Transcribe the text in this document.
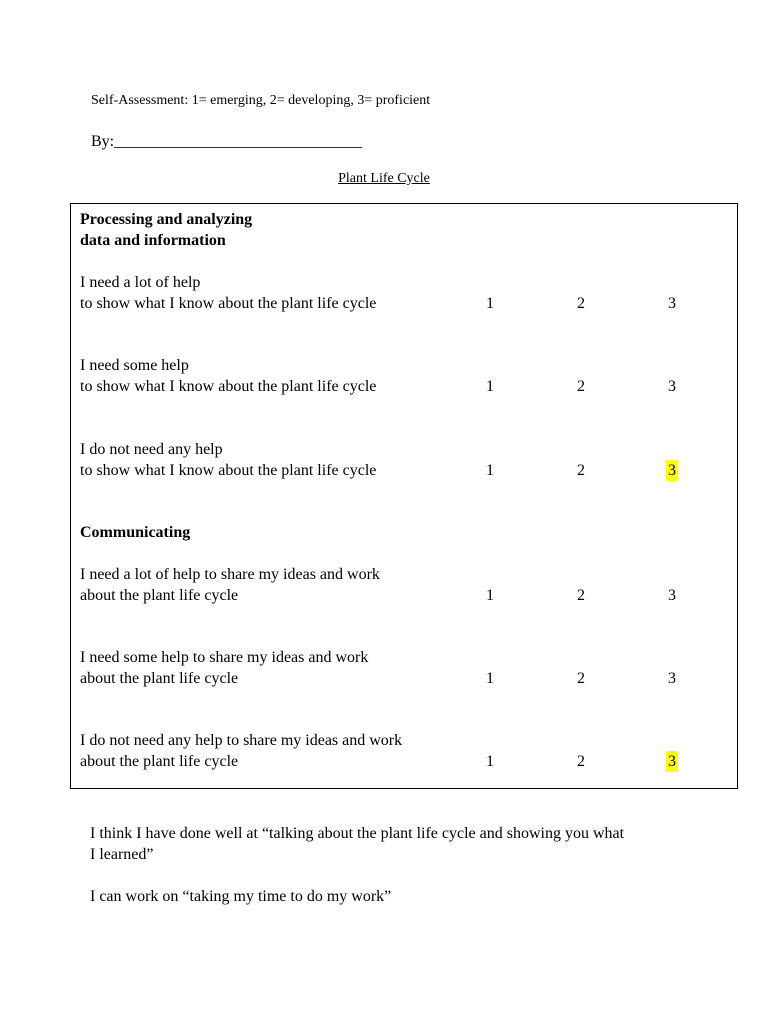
Self-Assessment: 1= emerging, 2= developing, 3= proficient
By:_______________________________
Plant Life Cycle
Processing and analyzing
data and information
I need a lot of help
to show what I know about the plant life cycle	1	2	3
I need some help
to show what I know about the plant life cycle	1	2	3
I do not need any help
to show what I know about the plant life cycle	1	2	3
Communicating
I need a lot of help to share my ideas and work
about the plant life cycle	1	2	3
I need some help to share my ideas and work
about the plant life cycle	1	2	3
I do not need any help to share my ideas and work
about the plant life cycle	1	2	3
I think I have done well at “talking about the plant life cycle and showing you what
I learned”
I can work on “taking my time to do my work”
